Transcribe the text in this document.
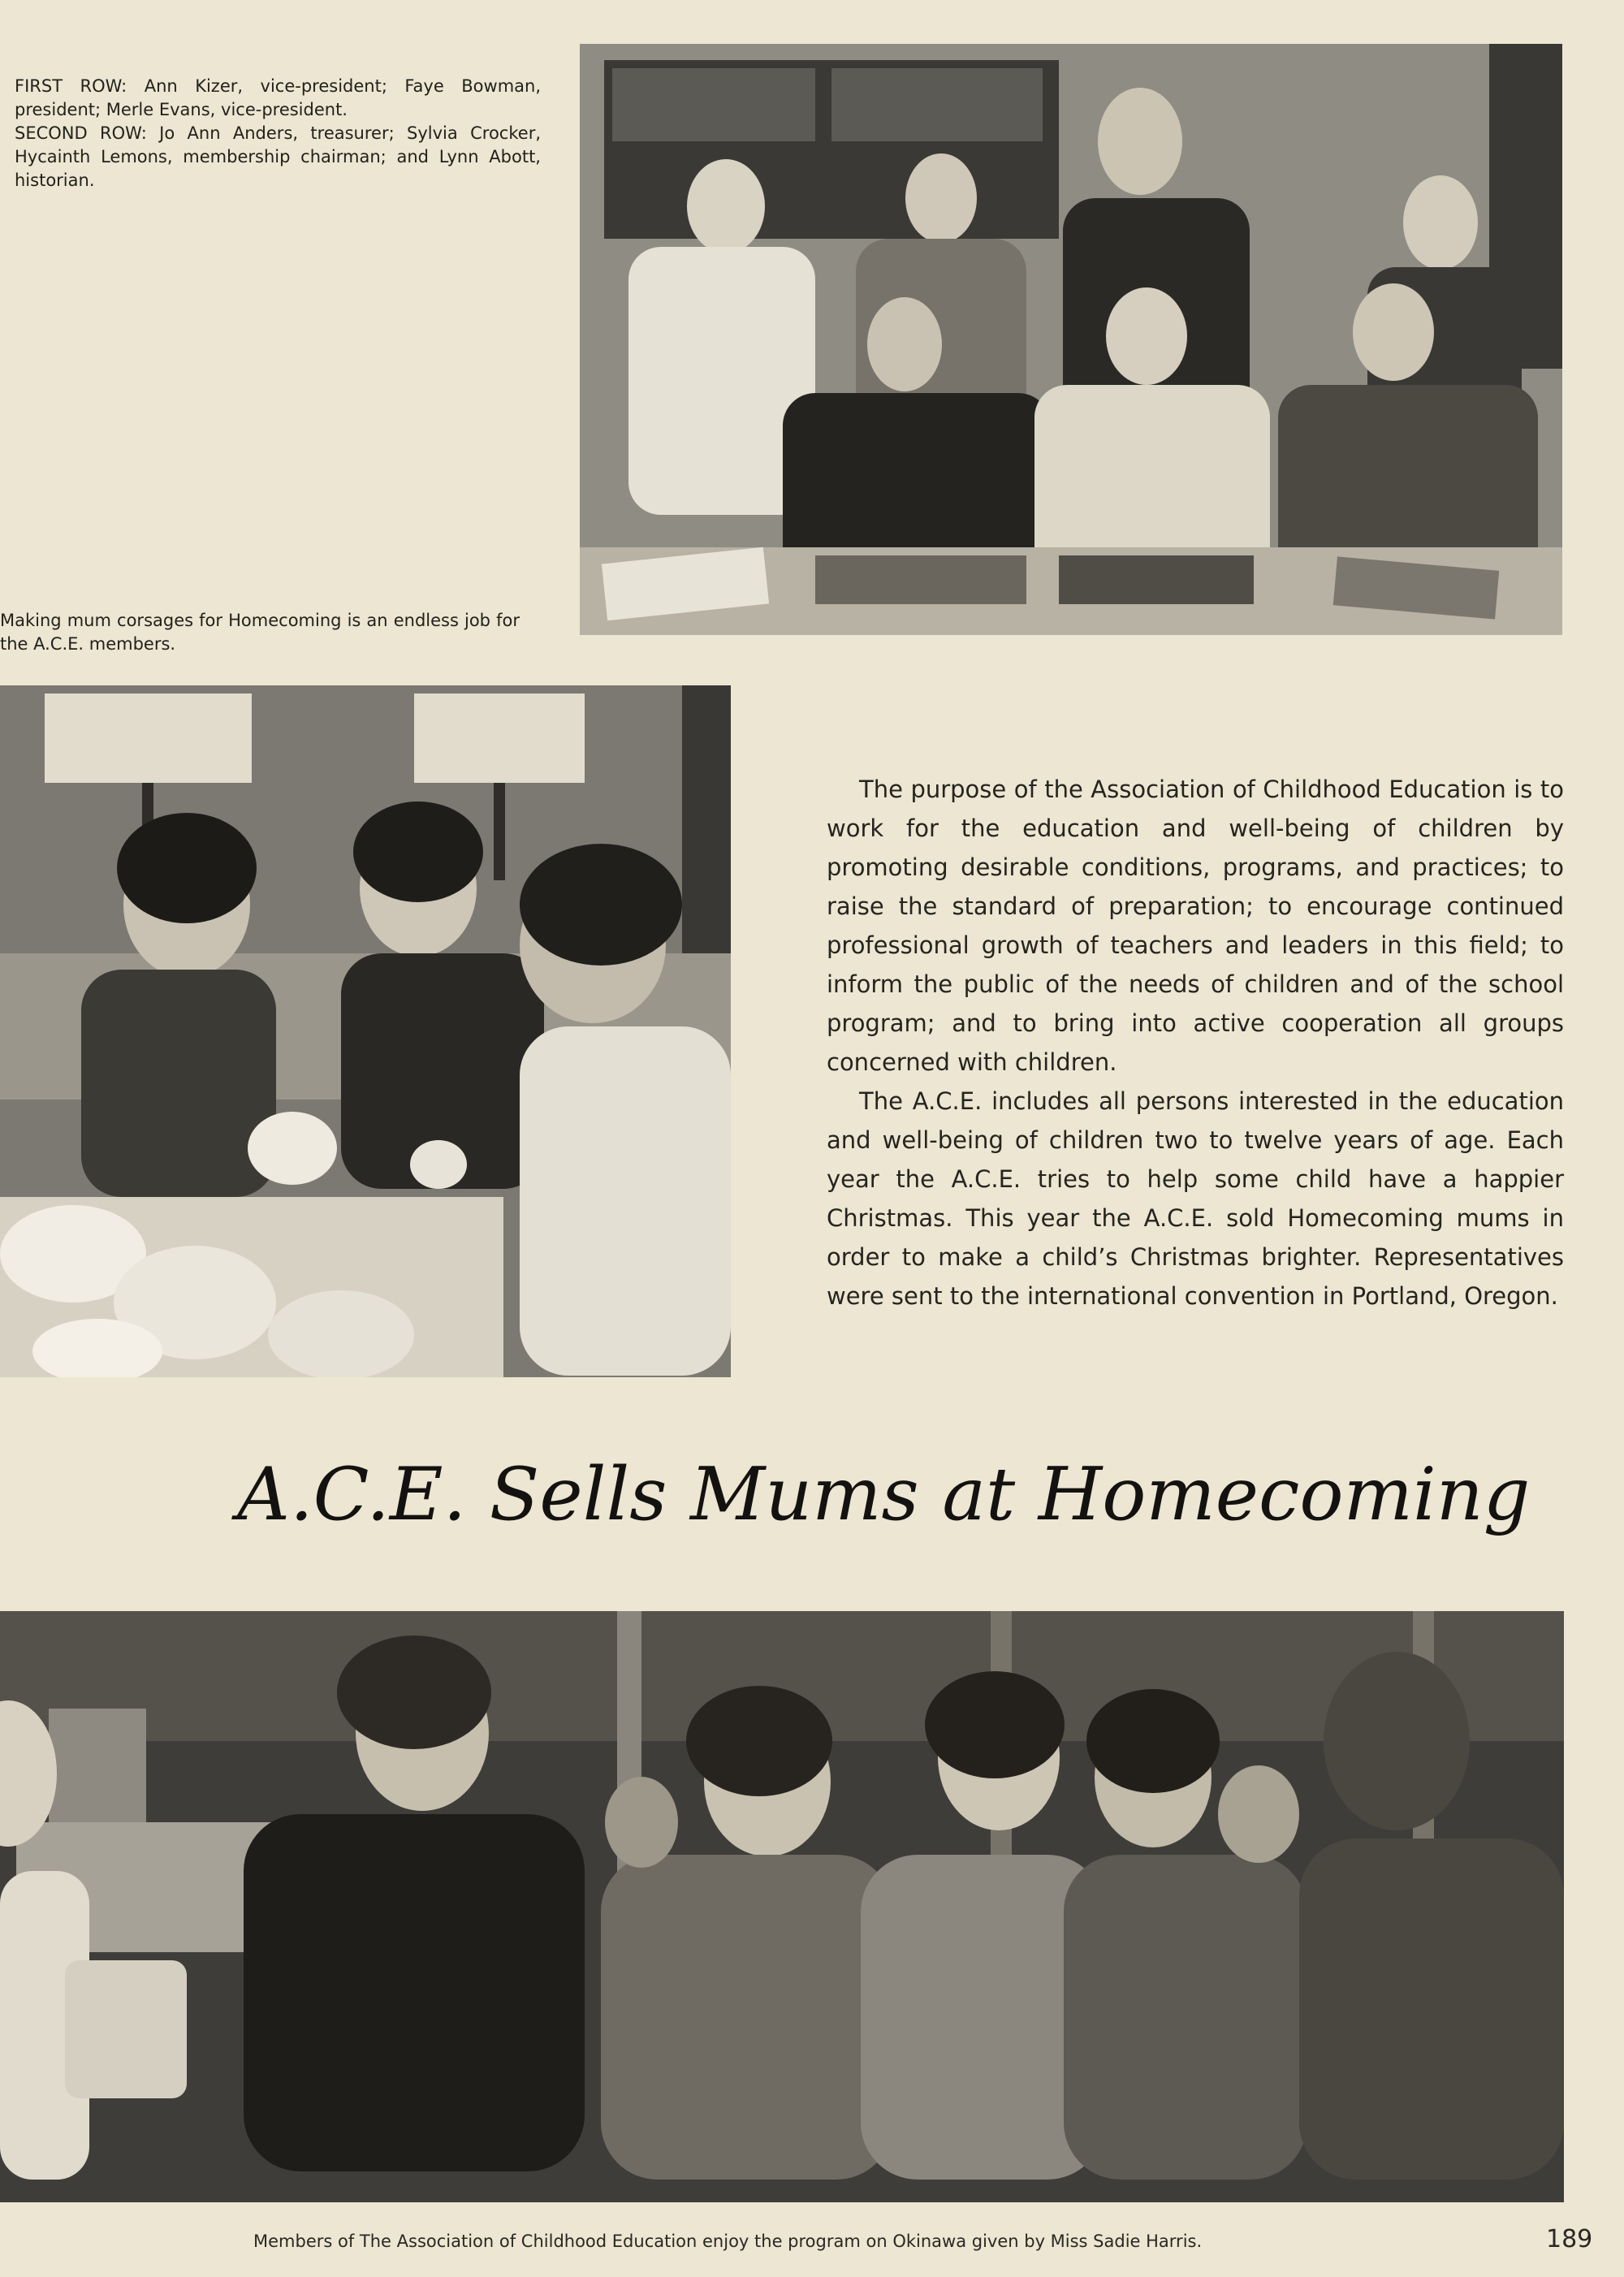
FIRST ROW: Ann Kizer, vice-president; Faye Bowman, president; Merle Evans, vice-president.
SECOND ROW: Jo Ann Anders, treasurer; Sylvia Crocker, Hycainth Lemons, membership chairman; and Lynn Abott, historian.
Making mum corsages for Homecoming is an endless job for the A.C.E. members.

The purpose of the Association of Childhood Education is to work for the education and well-being of children by promoting desirable conditions, programs, and practices; to raise the standard of preparation; to encourage continued professional growth of teachers and leaders in this field; to inform the public of the needs of children and of the school program; and to bring into active cooperation all groups concerned with children.

The A.C.E. includes all persons interested in the education and well-being of children two to twelve years of age. Each year the A.C.E. tries to help some child have a happier Christmas. This year the A.C.E. sold Homecoming mums in order to make a child’s Christmas brighter. Representatives were sent to the international convention in Portland, Oregon.

A.C.E. Sells Mums at Homecoming
Members of The Association of Childhood Education enjoy the program on Okinawa given by Miss Sadie Harris.	189
